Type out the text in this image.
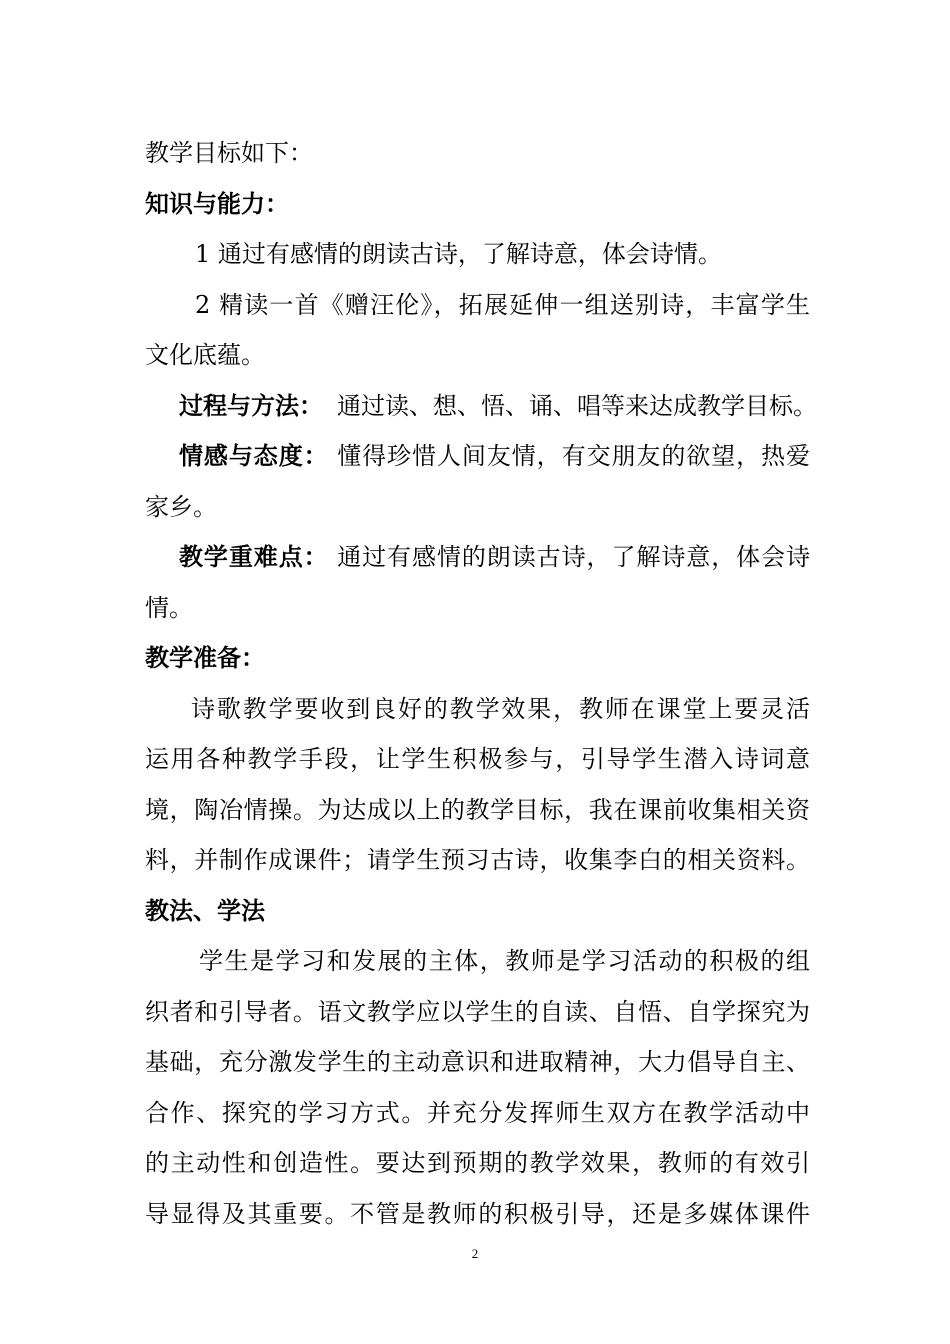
教学目标如下：
知识与能力：
1 通过有感情的朗读古诗，了解诗意，体会诗情。
2 精读一首《赠汪伦》，拓展延伸一组送别诗，丰富学生
文化底蕴。
过程与方法： 通过读、想、悟、诵、唱等来达成教学目标。
情感与态度： 懂得珍惜人间友情，有交朋友的欲望，热爱
家乡。
教学重难点： 通过有感情的朗读古诗，了解诗意，体会诗
情。
教学准备：
诗歌教学要收到良好的教学效果，教师在课堂上要灵活
运用各种教学手段，让学生积极参与，引导学生潜入诗词意
境，陶冶情操。为达成以上的教学目标，我在课前收集相关资
料，并制作成课件；请学生预习古诗，收集李白的相关资料。
教法、学法
学生是学习和发展的主体，教师是学习活动的积极的组
织者和引导者。语文教学应以学生的自读、自悟、自学探究为
基础，充分激发学生的主动意识和进取精神，大力倡导自主、
合作、探究的学习方式。并充分发挥师生双方在教学活动中
的主动性和创造性。要达到预期的教学效果，教师的有效引
导显得及其重要。不管是教师的积极引导，还是多媒体课件
2
